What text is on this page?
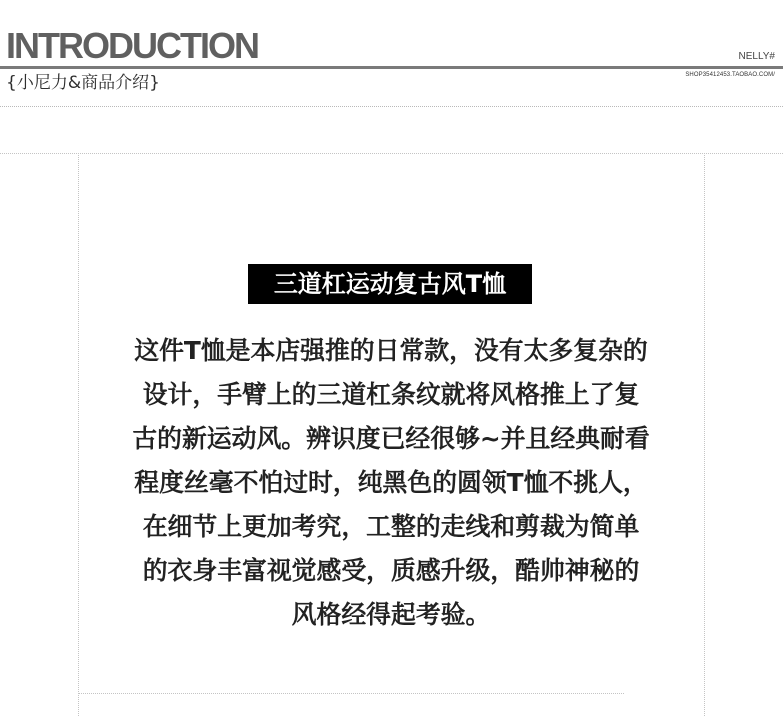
INTRODUCTION
{小尼力&商品介绍}
NELLY#
SHOP35412453.TAOBAO.COM/
三道杠运动复古风T恤
这件T恤是本店强推的日常款，没有太多复杂的
设计，手臂上的三道杠条纹就将风格推上了复
古的新运动风。辨识度已经很够~并且经典耐看
程度丝毫不怕过时，纯黑色的圆领T恤不挑人，
在细节上更加考究，工整的走线和剪裁为简单
的衣身丰富视觉感受，质感升级，酷帅神秘的
风格经得起考验。
